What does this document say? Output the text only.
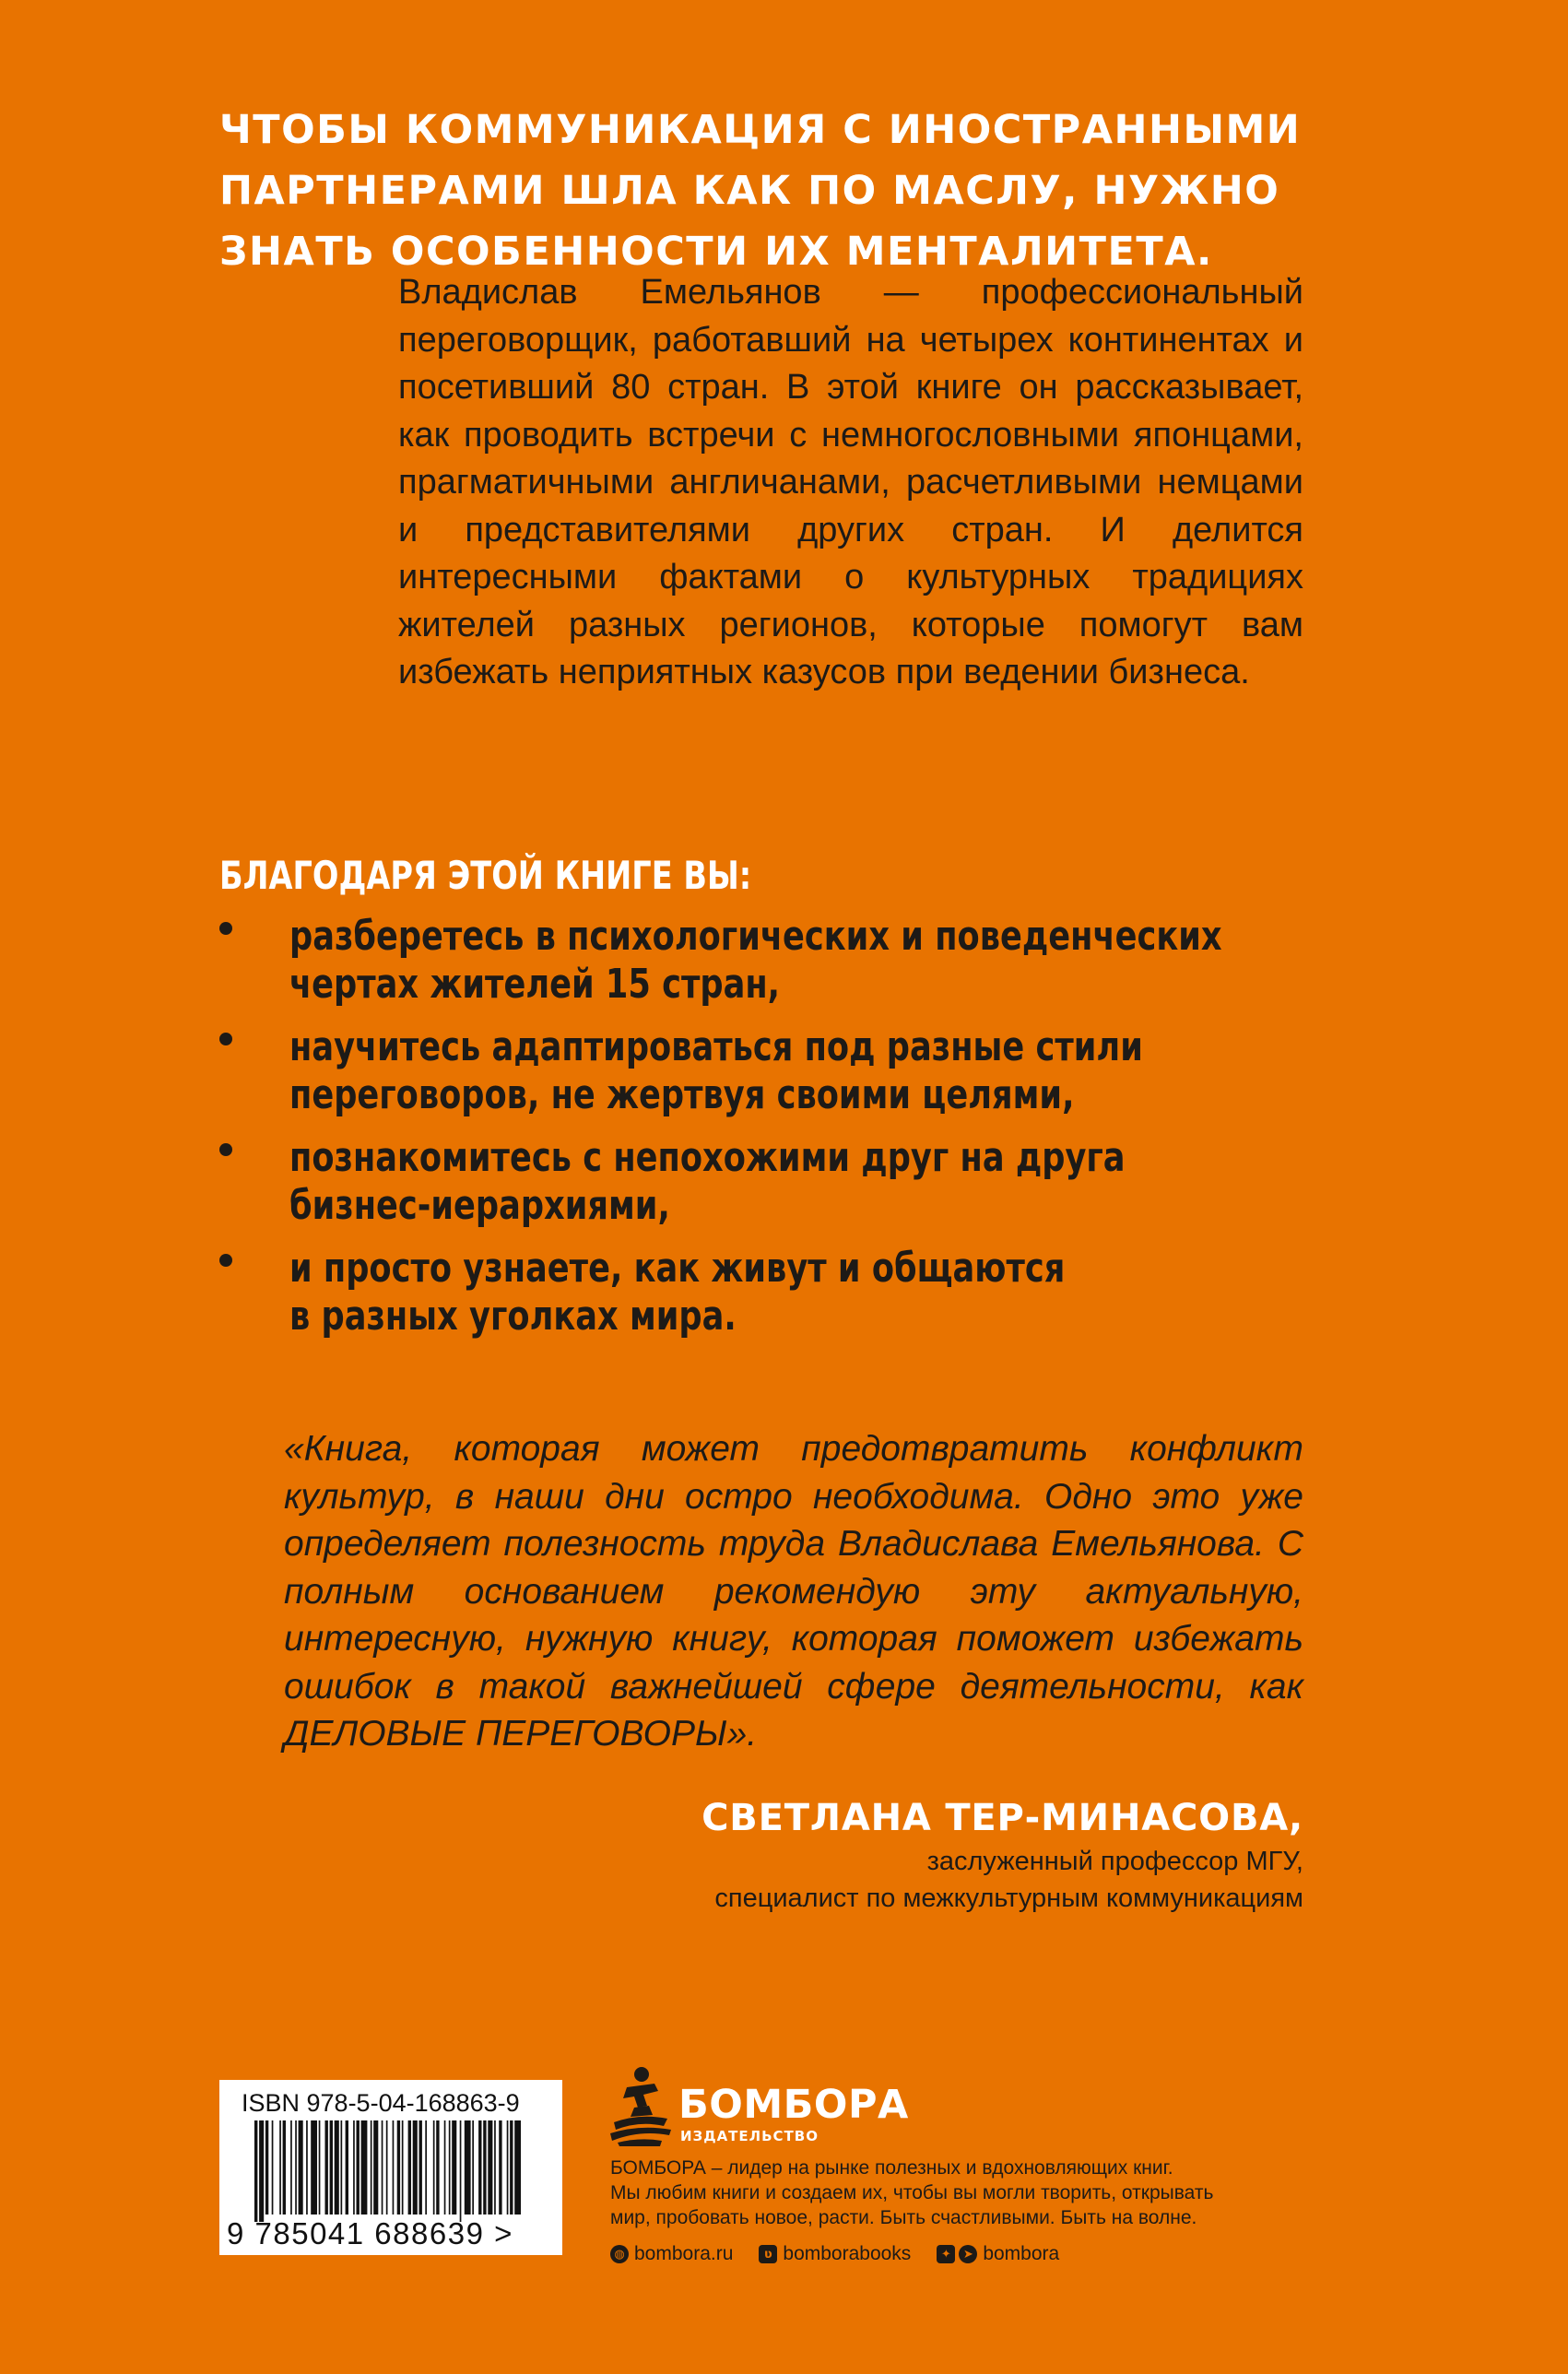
ЧТОБЫ КОММУНИКАЦИЯ С ИНОСТРАННЫМИ
ПАРТНЕРАМИ ШЛА КАК ПО МАСЛУ, НУЖНО
ЗНАТЬ ОСОБЕННОСТИ ИХ МЕНТАЛИТЕТА.

Владислав Емельянов — профессиональный переговорщик, работавший на четырех континентах и посетивший 80 стран. В этой книге он рассказывает, как проводить встречи с немногословными японцами, прагматичными англичанами, расчетливыми немцами и представителями других стран. И делится интересными фактами о культурных традициях жителей разных регионов, которые помогут вам избежать неприятных казусов при ведении бизнеса.

БЛАГОДАРЯ ЭТОЙ КНИГЕ ВЫ:
разберетесь в психологических и поведенческих
чертах жителей 15 стран,
научитесь адаптироваться под разные стили
переговоров, не жертвуя своими целями,
познакомитесь с непохожими друг на друга
бизнес-иерархиями,
и просто узнаете, как живут и общаются
в разных уголках мира.

«Книга, которая может предотвратить конфликт культур, в наши дни остро необходима. Одно это уже определяет полезность труда Владислава Емельянова. С полным основанием рекомендую эту актуальную, интересную, нужную книгу, которая поможет избежать ошибок в такой важнейшей сфере деятельности, как ДЕЛОВЫЕ ПЕРЕГОВОРЫ».

СВЕТЛАНА ТЕР-МИНАСОВА,
заслуженный профессор МГУ,
специалист по межкультурным коммуникациям
ISBN 978-5-04-168863-9
9 785041 688639 >
БОМБОРА
ИЗДАТЕЛЬСТВО

БОМБОРА – лидер на рынке полезных и вдохновляющих книг.
Мы любим книги и создаем их, чтобы вы могли творить, открывать
мир, пробовать новое, расти. Быть счастливыми. Быть на волне.

◍ bombora.ru	ʋ bomborabooks	✦	➤ bombora
